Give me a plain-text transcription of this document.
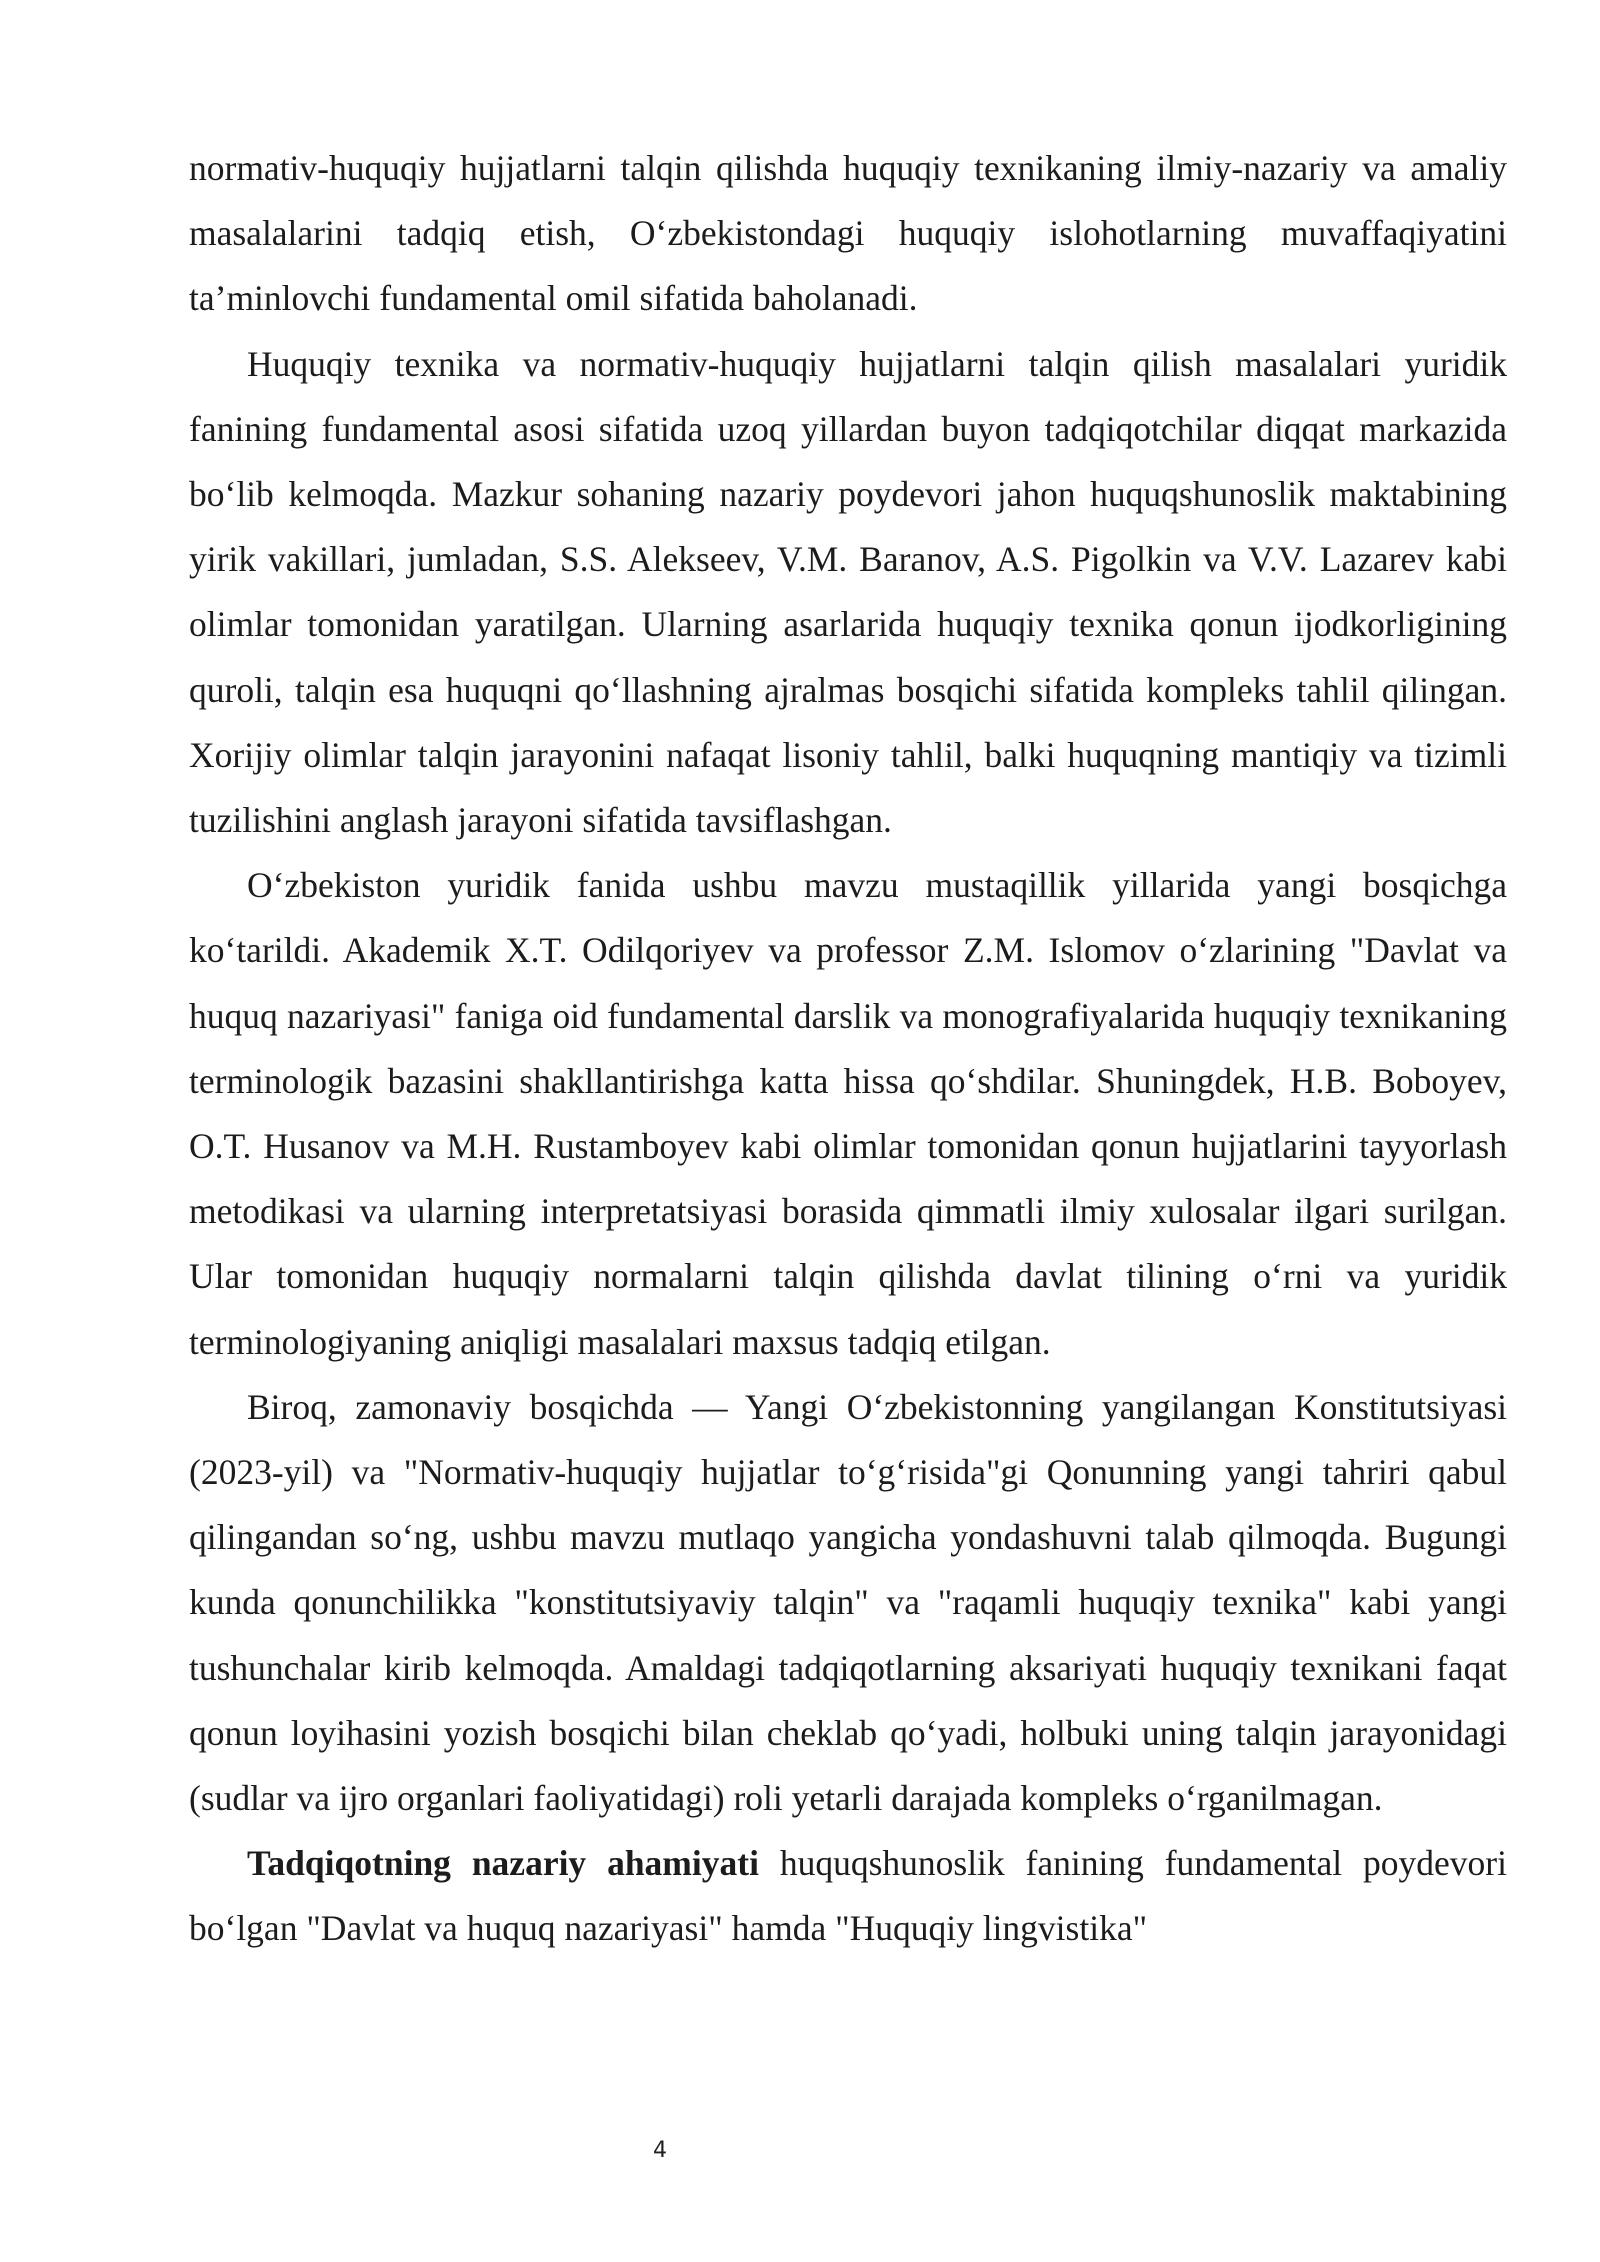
normativ-huquqiy hujjatlarni talqin qilishda huquqiy texnikaning ilmiy-nazariy va amaliy masalalarini tadqiq etish, O‘zbekistondagi huquqiy islohotlarning muvaffaqiyatini ta’minlovchi fundamental omil sifatida baholanadi.

Huquqiy texnika va normativ-huquqiy hujjatlarni talqin qilish masalalari yuridik fanining fundamental asosi sifatida uzoq yillardan buyon tadqiqotchilar diqqat markazida bo‘lib kelmoqda. Mazkur sohaning nazariy poydevori jahon huquqshunoslik maktabining yirik vakillari, jumladan, S.S. Alekseev, V.M. Baranov, A.S. Pigolkin va V.V. Lazarev kabi olimlar tomonidan yaratilgan. Ularning asarlarida huquqiy texnika qonun ijodkorligining quroli, talqin esa huquqni qo‘llashning ajralmas bosqichi sifatida kompleks tahlil qilingan. Xorijiy olimlar talqin jarayonini nafaqat lisoniy tahlil, balki huquqning mantiqiy va tizimli tuzilishini anglash jarayoni sifatida tavsiflashgan.

O‘zbekiston yuridik fanida ushbu mavzu mustaqillik yillarida yangi bosqichga ko‘tarildi. Akademik X.T. Odilqoriyev va professor Z.M. Islomov o‘zlarining "Davlat va huquq nazariyasi" faniga oid fundamental darslik va monografiyalarida huquqiy texnikaning terminologik bazasini shakllantirishga katta hissa qo‘shdilar. Shuningdek, H.B. Boboyev, O.T. Husanov va M.H. Rustamboyev kabi olimlar tomonidan qonun hujjatlarini tayyorlash metodikasi va ularning interpretatsiyasi borasida qimmatli ilmiy xulosalar ilgari surilgan. Ular tomonidan huquqiy normalarni talqin qilishda davlat tilining o‘rni va yuridik terminologiyaning aniqligi masalalari maxsus tadqiq etilgan.

Biroq, zamonaviy bosqichda — Yangi O‘zbekistonning yangilangan Konstitutsiyasi (2023-yil) va "Normativ-huquqiy hujjatlar to‘g‘risida"gi Qonunning yangi tahriri qabul qilingandan so‘ng, ushbu mavzu mutlaqo yangicha yondashuvni talab qilmoqda. Bugungi kunda qonunchilikka "konstitutsiyaviy talqin" va "raqamli huquqiy texnika" kabi yangi tushunchalar kirib kelmoqda. Amaldagi tadqiqotlarning aksariyati huquqiy texnikani faqat qonun loyihasini yozish bosqichi bilan cheklab qo‘yadi, holbuki uning talqin jarayonidagi (sudlar va ijro organlari faoliyatidagi) roli yetarli darajada kompleks o‘rganilmagan.

Tadqiqotning nazariy ahamiyati huquqshunoslik fanining fundamental poydevori bo‘lgan "Davlat va huquq nazariyasi" hamda "Huquqiy lingvistika"

4
